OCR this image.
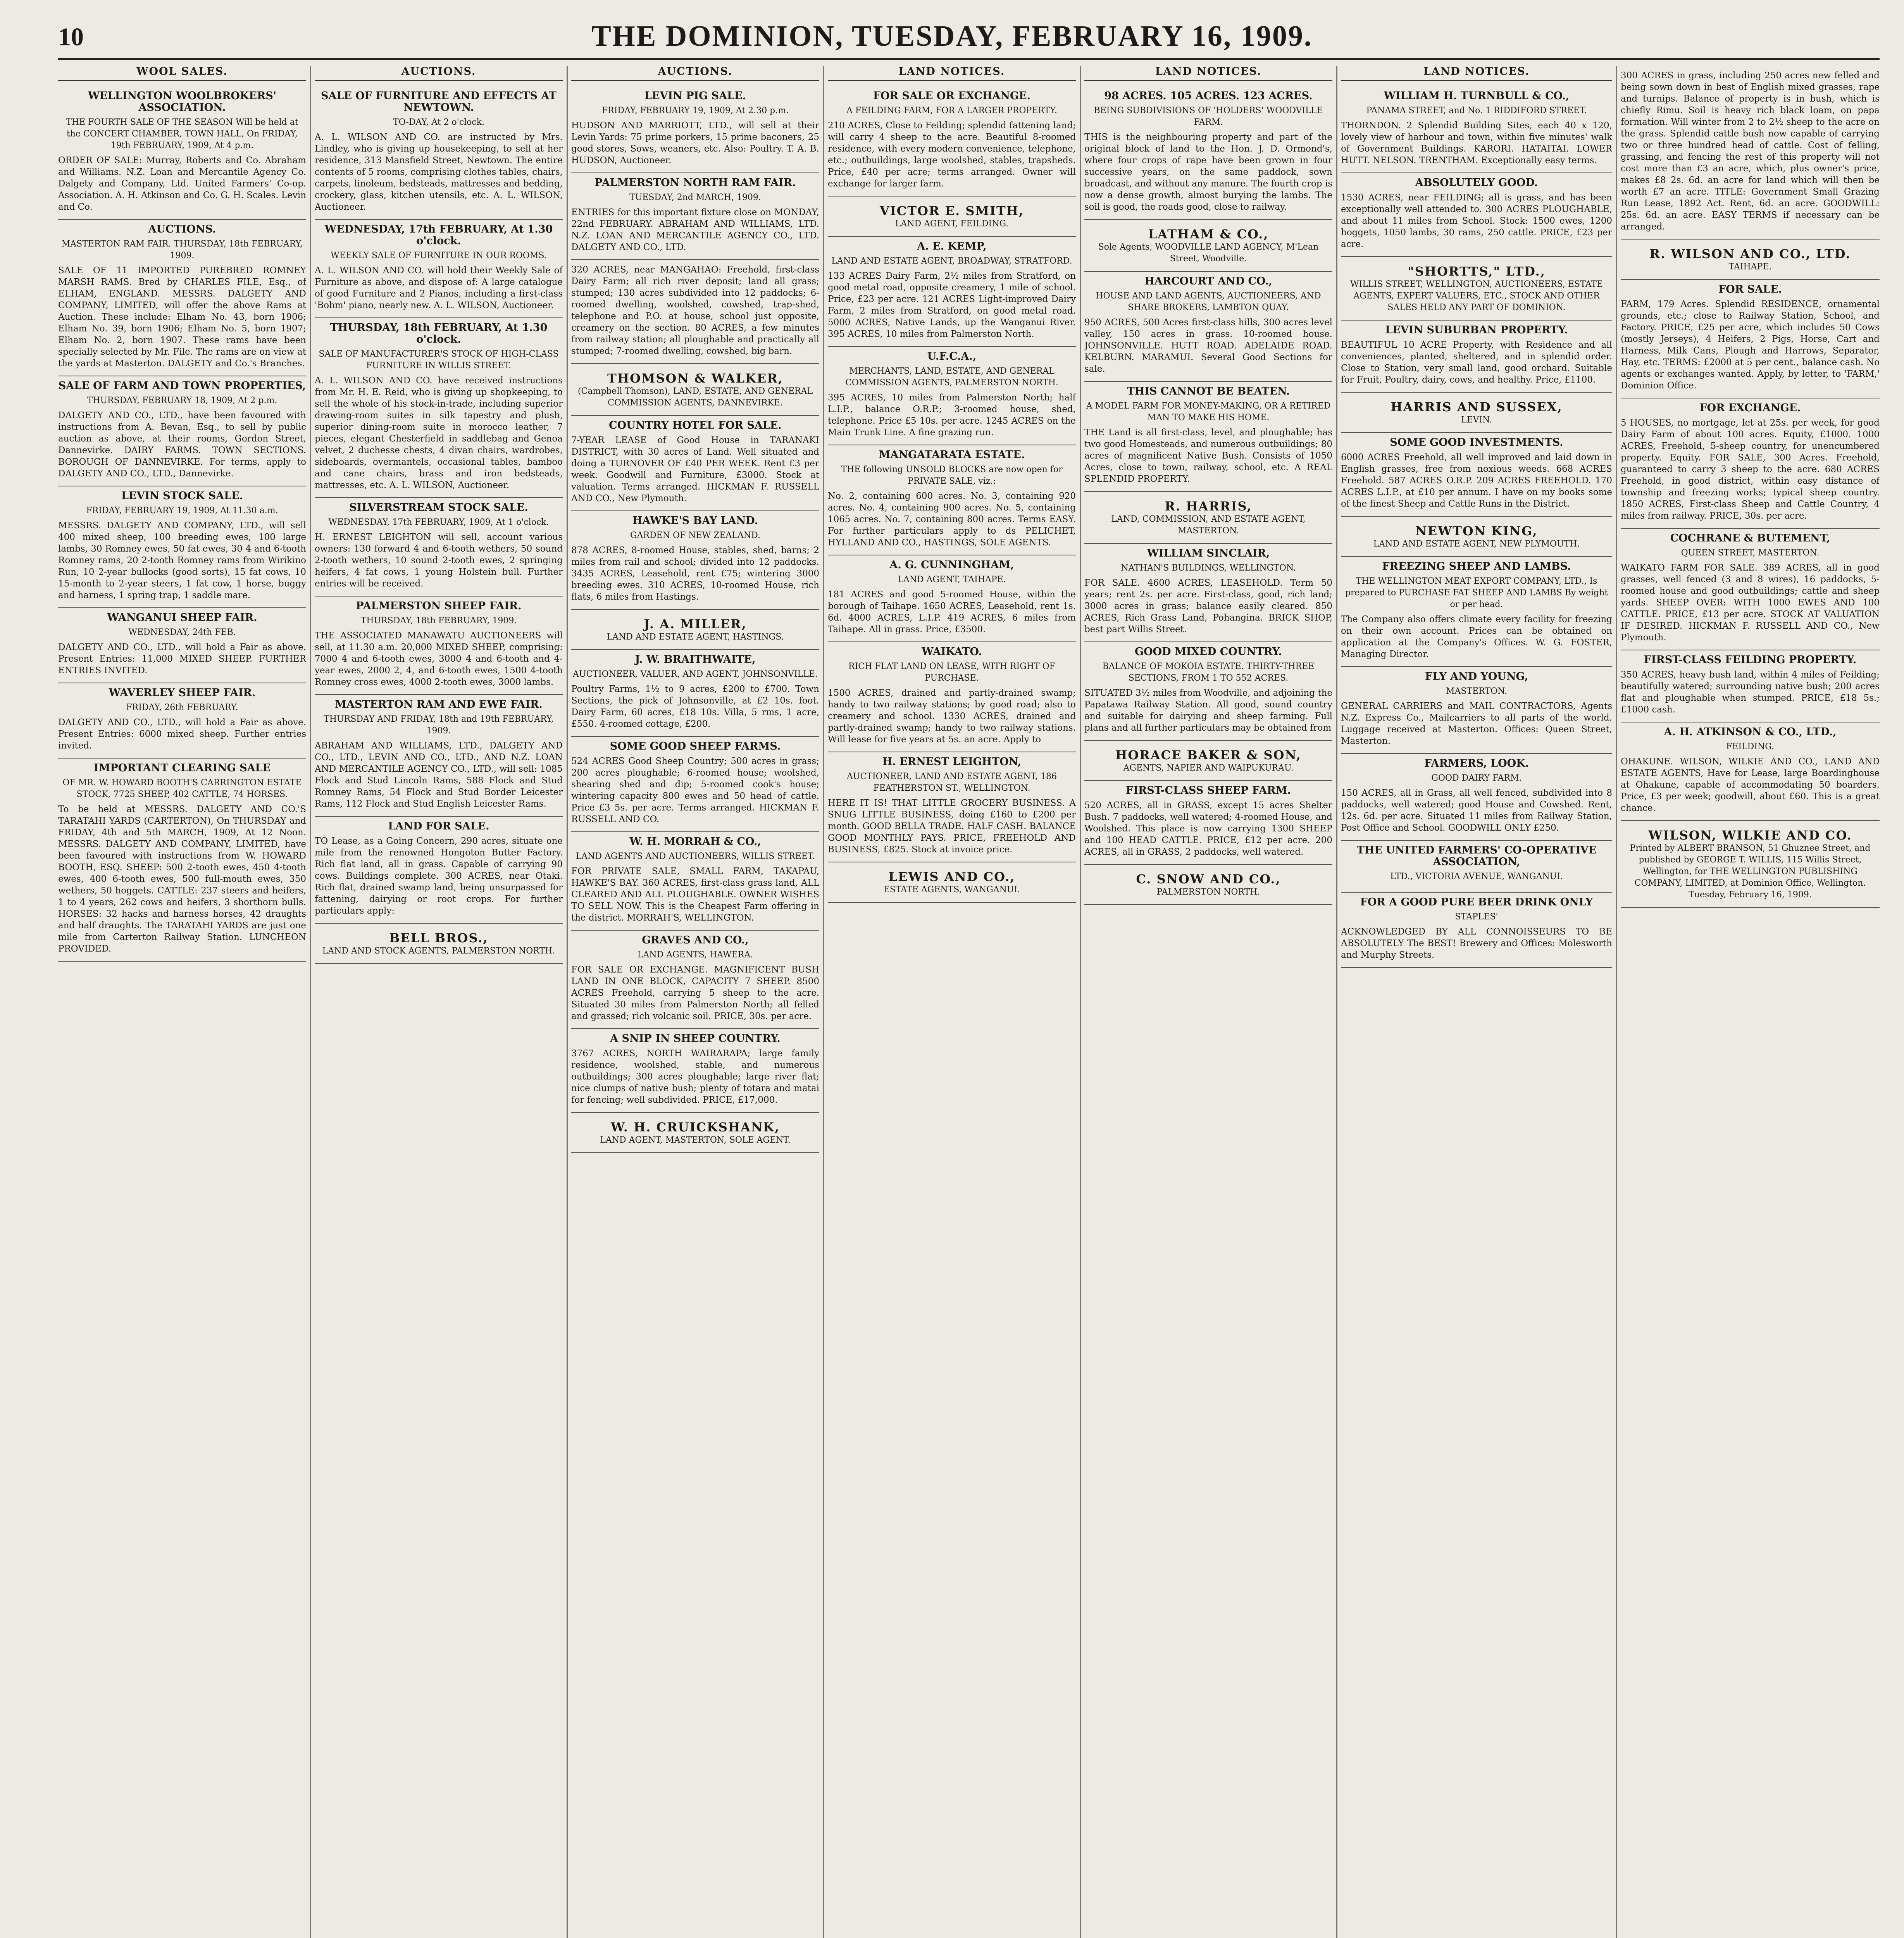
10	THE DOMINION, TUESDAY, FEBRUARY 16, 1909.
WOOL SALES.
WELLINGTON WOOLBROKERS' ASSOCIATION.
THE FOURTH SALE OF THE SEASON Will be held at the CONCERT CHAMBER, TOWN HALL, On FRIDAY, 19th FEBRUARY, 1909, At 4 p.m.
ORDER OF SALE: Murray, Roberts and Co. Abraham and Williams. N.Z. Loan and Mercantile Agency Co. Dalgety and Company, Ltd. United Farmers' Co-op. Association. A. H. Atkinson and Co. G. H. Scales. Levin and Co.
AUCTIONS.
MASTERTON RAM FAIR. THURSDAY, 18th FEBRUARY, 1909.
SALE OF 11 IMPORTED PUREBRED ROMNEY MARSH RAMS. Bred by CHARLES FILE, Esq., of ELHAM, ENGLAND. MESSRS. DALGETY AND COMPANY, LIMITED, will offer the above Rams at Auction. These include: Elham No. 43, born 1906; Elham No. 39, born 1906; Elham No. 5, born 1907; Elham No. 2, born 1907. These rams have been specially selected by Mr. File. The rams are on view at the yards at Masterton. DALGETY and Co.'s Branches.
SALE OF FARM AND TOWN PROPERTIES,
THURSDAY, FEBRUARY 18, 1909, At 2 p.m.
DALGETY AND CO., LTD., have been favoured with instructions from A. Bevan, Esq., to sell by public auction as above, at their rooms, Gordon Street, Dannevirke. DAIRY FARMS. TOWN SECTIONS. BOROUGH OF DANNEVIRKE. For terms, apply to DALGETY AND CO., LTD., Dannevirke.
LEVIN STOCK SALE.
FRIDAY, FEBRUARY 19, 1909, At 11.30 a.m.
MESSRS. DALGETY AND COMPANY, LTD., will sell 400 mixed sheep, 100 breeding ewes, 100 large lambs, 30 Romney ewes, 50 fat ewes, 30 4 and 6-tooth Romney rams, 20 2-tooth Romney rams from Wirikino Run, 10 2-year bullocks (good sorts), 15 fat cows, 10 15-month to 2-year steers, 1 fat cow, 1 horse, buggy and harness, 1 spring trap, 1 saddle mare.
WANGANUI SHEEP FAIR.
WEDNESDAY, 24th FEB.
DALGETY AND CO., LTD., will hold a Fair as above. Present Entries: 11,000 MIXED SHEEP. FURTHER ENTRIES INVITED.
WAVERLEY SHEEP FAIR.
FRIDAY, 26th FEBRUARY.
DALGETY AND CO., LTD., will hold a Fair as above. Present Entries: 6000 mixed sheep. Further entries invited.
IMPORTANT CLEARING SALE
OF MR. W. HOWARD BOOTH'S CARRINGTON ESTATE STOCK, 7725 SHEEP, 402 CATTLE, 74 HORSES.
To be held at MESSRS. DALGETY AND CO.'S TARATAHI YARDS (CARTERTON), On THURSDAY and FRIDAY, 4th and 5th MARCH, 1909, At 12 Noon. MESSRS. DALGETY AND COMPANY, LIMITED, have been favoured with instructions from W. HOWARD BOOTH, ESQ. SHEEP: 500 2-tooth ewes, 450 4-tooth ewes, 400 6-tooth ewes, 500 full-mouth ewes, 350 wethers, 50 hoggets. CATTLE: 237 steers and heifers, 1 to 4 years, 262 cows and heifers, 3 shorthorn bulls. HORSES: 32 hacks and harness horses, 42 draughts and half draughts. The TARATAHI YARDS are just one mile from Carterton Railway Station. LUNCHEON PROVIDED.
AUCTIONS.
SALE OF FURNITURE AND EFFECTS AT NEWTOWN.
TO-DAY, At 2 o'clock.
A. L. WILSON AND CO. are instructed by Mrs. Lindley, who is giving up housekeeping, to sell at her residence, 313 Mansfield Street, Newtown. The entire contents of 5 rooms, comprising clothes tables, chairs, carpets, linoleum, bedsteads, mattresses and bedding, crockery, glass, kitchen utensils, etc. A. L. WILSON, Auctioneer.
WEDNESDAY, 17th FEBRUARY, At 1.30 o'clock.
WEEKLY SALE OF FURNITURE IN OUR ROOMS.
A. L. WILSON AND CO. will hold their Weekly Sale of Furniture as above, and dispose of: A large catalogue of good Furniture and 2 Pianos, including a first-class 'Bohm' piano, nearly new. A. L. WILSON, Auctioneer.
THURSDAY, 18th FEBRUARY, At 1.30 o'clock.
SALE OF MANUFACTURER'S STOCK OF HIGH-CLASS FURNITURE IN WILLIS STREET.
A. L. WILSON AND CO. have received instructions from Mr. H. E. Reid, who is giving up shopkeeping, to sell the whole of his stock-in-trade, including superior drawing-room suites in silk tapestry and plush, superior dining-room suite in morocco leather, 7 pieces, elegant Chesterfield in saddlebag and Genoa velvet, 2 duchesse chests, 4 divan chairs, wardrobes, sideboards, overmantels, occasional tables, bamboo and cane chairs, brass and iron bedsteads, mattresses, etc. A. L. WILSON, Auctioneer.
SILVERSTREAM STOCK SALE.
WEDNESDAY, 17th FEBRUARY, 1909, At 1 o'clock.
H. ERNEST LEIGHTON will sell, account various owners: 130 forward 4 and 6-tooth wethers, 50 sound 2-tooth wethers, 10 sound 2-tooth ewes, 2 springing heifers, 4 fat cows, 1 young Holstein bull. Further entries will be received.
PALMERSTON SHEEP FAIR.
THURSDAY, 18th FEBRUARY, 1909.
THE ASSOCIATED MANAWATU AUCTIONEERS will sell, at 11.30 a.m. 20,000 MIXED SHEEP, comprising: 7000 4 and 6-tooth ewes, 3000 4 and 6-tooth and 4-year ewes, 2000 2, 4, and 6-tooth ewes, 1500 4-tooth Romney cross ewes, 4000 2-tooth ewes, 3000 lambs.
MASTERTON RAM AND EWE FAIR.
THURSDAY AND FRIDAY, 18th and 19th FEBRUARY, 1909.
ABRAHAM AND WILLIAMS, LTD., DALGETY AND CO., LTD., LEVIN AND CO., LTD., AND N.Z. LOAN AND MERCANTILE AGENCY CO., LTD., will sell: 1085 Flock and Stud Lincoln Rams, 588 Flock and Stud Romney Rams, 54 Flock and Stud Border Leicester Rams, 112 Flock and Stud English Leicester Rams.
LAND FOR SALE.
TO Lease, as a Going Concern, 290 acres, situate one mile from the renowned Hongoton Butter Factory. Rich flat land, all in grass. Capable of carrying 90 cows. Buildings complete. 300 ACRES, near Otaki. Rich flat, drained swamp land, being unsurpassed for fattening, dairying or root crops. For further particulars apply:
BELL BROS.,
LAND AND STOCK AGENTS, PALMERSTON NORTH.
AUCTIONS.
LEVIN PIG SALE.
FRIDAY, FEBRUARY 19, 1909, At 2.30 p.m.
HUDSON AND MARRIOTT, LTD., will sell at their Levin Yards: 75 prime porkers, 15 prime baconers, 25 good stores, Sows, weaners, etc. Also: Poultry. T. A. B. HUDSON, Auctioneer.
PALMERSTON NORTH RAM FAIR.
TUESDAY, 2nd MARCH, 1909.
ENTRIES for this important fixture close on MONDAY, 22nd FEBRUARY. ABRAHAM AND WILLIAMS, LTD. N.Z. LOAN AND MERCANTILE AGENCY CO., LTD. DALGETY AND CO., LTD.
320 ACRES, near MANGAHAO: Freehold, first-class Dairy Farm; all rich river deposit; land all grass; stumped; 130 acres subdivided into 12 paddocks; 6-roomed dwelling, woolshed, cowshed, trap-shed, telephone and P.O. at house, school just opposite, creamery on the section. 80 ACRES, a few minutes from railway station; all ploughable and practically all stumped; 7-roomed dwelling, cowshed, big barn.
THOMSON & WALKER,
(Campbell Thomson), LAND, ESTATE, AND GENERAL COMMISSION AGENTS, DANNEVIRKE.
COUNTRY HOTEL FOR SALE.
7-YEAR LEASE of Good House in TARANAKI DISTRICT, with 30 acres of Land. Well situated and doing a TURNOVER OF £40 PER WEEK. Rent £3 per week. Goodwill and Furniture, £3000. Stock at valuation. Terms arranged. HICKMAN F. RUSSELL AND CO., New Plymouth.
HAWKE'S BAY LAND.
GARDEN OF NEW ZEALAND.
878 ACRES, 8-roomed House, stables, shed, barns; 2 miles from rail and school; divided into 12 paddocks. 3435 ACRES, Leasehold, rent £75; wintering 3000 breeding ewes. 310 ACRES, 10-roomed House, rich flats, 6 miles from Hastings.
J. A. MILLER,
LAND AND ESTATE AGENT, HASTINGS.
J. W. BRAITHWAITE,
AUCTIONEER, VALUER, AND AGENT, JOHNSONVILLE.
Poultry Farms, 1½ to 9 acres, £200 to £700. Town Sections, the pick of Johnsonville, at £2 10s. foot. Dairy Farm, 60 acres, £18 10s. Villa, 5 rms, 1 acre, £550. 4-roomed cottage, £200.
SOME GOOD SHEEP FARMS.
524 ACRES Good Sheep Country; 500 acres in grass; 200 acres ploughable; 6-roomed house; woolshed, shearing shed and dip; 5-roomed cook's house; wintering capacity 800 ewes and 50 head of cattle. Price £3 5s. per acre. Terms arranged. HICKMAN F. RUSSELL AND CO.
W. H. MORRAH & CO.,
LAND AGENTS AND AUCTIONEERS, WILLIS STREET.
FOR PRIVATE SALE, SMALL FARM, TAKAPAU, HAWKE'S BAY. 360 ACRES, first-class grass land, ALL CLEARED AND ALL PLOUGHABLE. OWNER WISHES TO SELL NOW. This is the Cheapest Farm offering in the district. MORRAH'S, WELLINGTON.
GRAVES AND CO.,
LAND AGENTS, HAWERA.
FOR SALE OR EXCHANGE. MAGNIFICENT BUSH LAND IN ONE BLOCK, CAPACITY 7 SHEEP. 8500 ACRES Freehold, carrying 5 sheep to the acre. Situated 30 miles from Palmerston North; all felled and grassed; rich volcanic soil. PRICE, 30s. per acre.
A SNIP IN SHEEP COUNTRY.
3767 ACRES, NORTH WAIRARAPA; large family residence, woolshed, stable, and numerous outbuildings; 300 acres ploughable; large river flat; nice clumps of native bush; plenty of totara and matai for fencing; well subdivided. PRICE, £17,000.
W. H. CRUICKSHANK,
LAND AGENT, MASTERTON, SOLE AGENT.
LAND NOTICES.
FOR SALE OR EXCHANGE.
A FEILDING FARM, FOR A LARGER PROPERTY.
210 ACRES, Close to Feilding; splendid fattening land; will carry 4 sheep to the acre. Beautiful 8-roomed residence, with every modern convenience, telephone, etc.; outbuildings, large woolshed, stables, trapsheds. Price, £40 per acre; terms arranged. Owner will exchange for larger farm.
VICTOR E. SMITH,
LAND AGENT, FEILDING.
A. E. KEMP,
LAND AND ESTATE AGENT, BROADWAY, STRATFORD.
133 ACRES Dairy Farm, 2½ miles from Stratford, on good metal road, opposite creamery, 1 mile of school. Price, £23 per acre. 121 ACRES Light-improved Dairy Farm, 2 miles from Stratford, on good metal road. 5000 ACRES, Native Lands, up the Wanganui River. 395 ACRES, 10 miles from Palmerston North.
U.F.C.A.,
MERCHANTS, LAND, ESTATE, AND GENERAL COMMISSION AGENTS, PALMERSTON NORTH.
395 ACRES, 10 miles from Palmerston North; half L.I.P., balance O.R.P.; 3-roomed house, shed, telephone. Price £5 10s. per acre. 1245 ACRES on the Main Trunk Line. A fine grazing run.
MANGATARATA ESTATE.
THE following UNSOLD BLOCKS are now open for PRIVATE SALE, viz.:
No. 2, containing 600 acres. No. 3, containing 920 acres. No. 4, containing 900 acres. No. 5, containing 1065 acres. No. 7, containing 800 acres. Terms EASY. For further particulars apply to ds PELICHET, HYLLAND AND CO., HASTINGS, SOLE AGENTS.
A. G. CUNNINGHAM,
LAND AGENT, TAIHAPE.
181 ACRES and good 5-roomed House, within the borough of Taihape. 1650 ACRES, Leasehold, rent 1s. 6d. 4000 ACRES, L.I.P. 419 ACRES, 6 miles from Taihape. All in grass. Price, £3500.
WAIKATO.
RICH FLAT LAND ON LEASE, WITH RIGHT OF PURCHASE.
1500 ACRES, drained and partly-drained swamp; handy to two railway stations; by good road; also to creamery and school. 1330 ACRES, drained and partly-drained swamp; handy to two railway stations. Will lease for five years at 5s. an acre. Apply to
H. ERNEST LEIGHTON,
AUCTIONEER, LAND AND ESTATE AGENT, 186 FEATHERSTON ST., WELLINGTON.
HERE IT IS! THAT LITTLE GROCERY BUSINESS. A SNUG LITTLE BUSINESS, doing £160 to £200 per month. GOOD BELLA TRADE. HALF CASH. BALANCE GOOD MONTHLY PAYS. PRICE, FREEHOLD AND BUSINESS, £825. Stock at invoice price.
LEWIS AND CO.,
ESTATE AGENTS, WANGANUI.
LAND NOTICES.
98 ACRES. 105 ACRES. 123 ACRES.
BEING SUBDIVISIONS OF 'HOLDERS' WOODVILLE FARM.
THIS is the neighbouring property and part of the original block of land to the Hon. J. D. Ormond's, where four crops of rape have been grown in four successive years, on the same paddock, sown broadcast, and without any manure. The fourth crop is now a dense growth, almost burying the lambs. The soil is good, the roads good, close to railway.
LATHAM & CO.,
Sole Agents, WOODVILLE LAND AGENCY, M'Lean Street, Woodville.
HARCOURT AND CO.,
HOUSE AND LAND AGENTS, AUCTIONEERS, AND SHARE BROKERS, LAMBTON QUAY.
950 ACRES, 500 Acres first-class hills, 300 acres level valley, 150 acres in grass. 10-roomed house. JOHNSONVILLE. HUTT ROAD. ADELAIDE ROAD. KELBURN. MARAMUI. Several Good Sections for sale.
THIS CANNOT BE BEATEN.
A MODEL FARM FOR MONEY-MAKING, OR A RETIRED MAN TO MAKE HIS HOME.
THE Land is all first-class, level, and ploughable; has two good Homesteads, and numerous outbuildings; 80 acres of magnificent Native Bush. Consists of 1050 Acres, close to town, railway, school, etc. A REAL SPLENDID PROPERTY.
R. HARRIS,
LAND, COMMISSION, AND ESTATE AGENT, MASTERTON.
WILLIAM SINCLAIR,
NATHAN'S BUILDINGS, WELLINGTON.
FOR SALE. 4600 ACRES, LEASEHOLD. Term 50 years; rent 2s. per acre. First-class, good, rich land; 3000 acres in grass; balance easily cleared. 850 ACRES, Rich Grass Land, Pohangina. BRICK SHOP, best part Willis Street.
GOOD MIXED COUNTRY.
BALANCE OF MOKOIA ESTATE. THIRTY-THREE SECTIONS, FROM 1 TO 552 ACRES.
SITUATED 3½ miles from Woodville, and adjoining the Papatawa Railway Station. All good, sound country and suitable for dairying and sheep farming. Full plans and all further particulars may be obtained from
HORACE BAKER & SON,
AGENTS, NAPIER AND WAIPUKURAU.
FIRST-CLASS SHEEP FARM.
520 ACRES, all in GRASS, except 15 acres Shelter Bush. 7 paddocks, well watered; 4-roomed House, and Woolshed. This place is now carrying 1300 SHEEP and 100 HEAD CATTLE. PRICE, £12 per acre. 200 ACRES, all in GRASS, 2 paddocks, well watered.
C. SNOW AND CO.,
PALMERSTON NORTH.
LAND NOTICES.
WILLIAM H. TURNBULL & CO.,
PANAMA STREET, and No. 1 RIDDIFORD STREET.
THORNDON. 2 Splendid Building Sites, each 40 x 120, lovely view of harbour and town, within five minutes' walk of Government Buildings. KARORI. HATAITAI. LOWER HUTT. NELSON. TRENTHAM. Exceptionally easy terms.
ABSOLUTELY GOOD.
1530 ACRES, near FEILDING; all is grass, and has been exceptionally well attended to. 300 ACRES PLOUGHABLE, and about 11 miles from School. Stock: 1500 ewes, 1200 hoggets, 1050 lambs, 30 rams, 250 cattle. PRICE, £23 per acre.
"SHORTTS," LTD.,
WILLIS STREET, WELLINGTON, AUCTIONEERS, ESTATE AGENTS, EXPERT VALUERS, ETC., STOCK AND OTHER SALES HELD ANY PART OF DOMINION.
LEVIN SUBURBAN PROPERTY.
BEAUTIFUL 10 ACRE Property, with Residence and all conveniences, planted, sheltered, and in splendid order. Close to Station, very small land, good orchard. Suitable for Fruit, Poultry, dairy, cows, and healthy. Price, £1100.
HARRIS AND SUSSEX,
LEVIN.
SOME GOOD INVESTMENTS.
6000 ACRES Freehold, all well improved and laid down in English grasses, free from noxious weeds. 668 ACRES Freehold. 587 ACRES O.R.P. 209 ACRES FREEHOLD. 170 ACRES L.I.P., at £10 per annum. I have on my books some of the finest Sheep and Cattle Runs in the District.
NEWTON KING,
LAND AND ESTATE AGENT, NEW PLYMOUTH.
FREEZING SHEEP AND LAMBS.
THE WELLINGTON MEAT EXPORT COMPANY, LTD., Is prepared to PURCHASE FAT SHEEP AND LAMBS By weight or per head.
The Company also offers climate every facility for freezing on their own account. Prices can be obtained on application at the Company's Offices. W. G. FOSTER, Managing Director.
FLY AND YOUNG,
MASTERTON.
GENERAL CARRIERS and MAIL CONTRACTORS, Agents N.Z. Express Co., Mailcarriers to all parts of the world. Luggage received at Masterton. Offices: Queen Street, Masterton.
FARMERS, LOOK.
GOOD DAIRY FARM.
150 ACRES, all in Grass, all well fenced, subdivided into 8 paddocks, well watered; good House and Cowshed. Rent, 12s. 6d. per acre. Situated 11 miles from Railway Station, Post Office and School. GOODWILL ONLY £250.
THE UNITED FARMERS' CO-OPERATIVE ASSOCIATION,
LTD., VICTORIA AVENUE, WANGANUI.
FOR A GOOD PURE BEER DRINK ONLY
STAPLES'
ACKNOWLEDGED BY ALL CONNOISSEURS TO BE ABSOLUTELY The BEST! Brewery and Offices: Molesworth and Murphy Streets.
300 ACRES in grass, including 250 acres new felled and being sown down in best of English mixed grasses, rape and turnips. Balance of property is in bush, which is chiefly Rimu. Soil is heavy rich black loam, on papa formation. Will winter from 2 to 2½ sheep to the acre on the grass. Splendid cattle bush now capable of carrying two or three hundred head of cattle. Cost of felling, grassing, and fencing the rest of this property will not cost more than £3 an acre, which, plus owner's price, makes £8 2s. 6d. an acre for land which will then be worth £7 an acre. TITLE: Government Small Grazing Run Lease, 1892 Act. Rent, 6d. an acre. GOODWILL: 25s. 6d. an acre. EASY TERMS if necessary can be arranged.
R. WILSON AND CO., LTD.
TAIHAPE.
FOR SALE.
FARM, 179 Acres. Splendid RESIDENCE, ornamental grounds, etc.; close to Railway Station, School, and Factory. PRICE, £25 per acre, which includes 50 Cows (mostly Jerseys), 4 Heifers, 2 Pigs, Horse, Cart and Harness, Milk Cans, Plough and Harrows, Separator, Hay, etc. TERMS: £2000 at 5 per cent., balance cash. No agents or exchanges wanted. Apply, by letter, to 'FARM,' Dominion Office.
FOR EXCHANGE.
5 HOUSES, no mortgage, let at 25s. per week, for good Dairy Farm of about 100 acres. Equity, £1000. 1000 ACRES, Freehold, 5-sheep country, for unencumbered property. Equity. FOR SALE, 300 Acres. Freehold, guaranteed to carry 3 sheep to the acre. 680 ACRES Freehold, in good district, within easy distance of township and freezing works; typical sheep country. 1850 ACRES, First-class Sheep and Cattle Country, 4 miles from railway. PRICE, 30s. per acre.
COCHRANE & BUTEMENT,
QUEEN STREET, MASTERTON.
WAIKATO FARM FOR SALE. 389 ACRES, all in good grasses, well fenced (3 and 8 wires), 16 paddocks, 5-roomed house and good outbuildings; cattle and sheep yards. SHEEP OVER: WITH 1000 EWES AND 100 CATTLE. PRICE, £13 per acre. STOCK AT VALUATION IF DESIRED. HICKMAN F. RUSSELL AND CO., New Plymouth.
FIRST-CLASS FEILDING PROPERTY.
350 ACRES, heavy bush land, within 4 miles of Feilding; beautifully watered; surrounding native bush; 200 acres flat and ploughable when stumped. PRICE, £18 5s.; £1000 cash.
A. H. ATKINSON & CO., LTD.,
FEILDING.
OHAKUNE. WILSON, WILKIE AND CO., LAND AND ESTATE AGENTS, Have for Lease, large Boardinghouse at Ohakune, capable of accommodating 50 boarders. Price, £3 per week; goodwill, about £60. This is a great chance.
WILSON, WILKIE AND CO.
Printed by ALBERT BRANSON, 51 Ghuznee Street, and published by GEORGE T. WILLIS, 115 Willis Street, Wellington, for THE WELLINGTON PUBLISHING COMPANY, LIMITED, at Dominion Office, Wellington. Tuesday, February 16, 1909.
